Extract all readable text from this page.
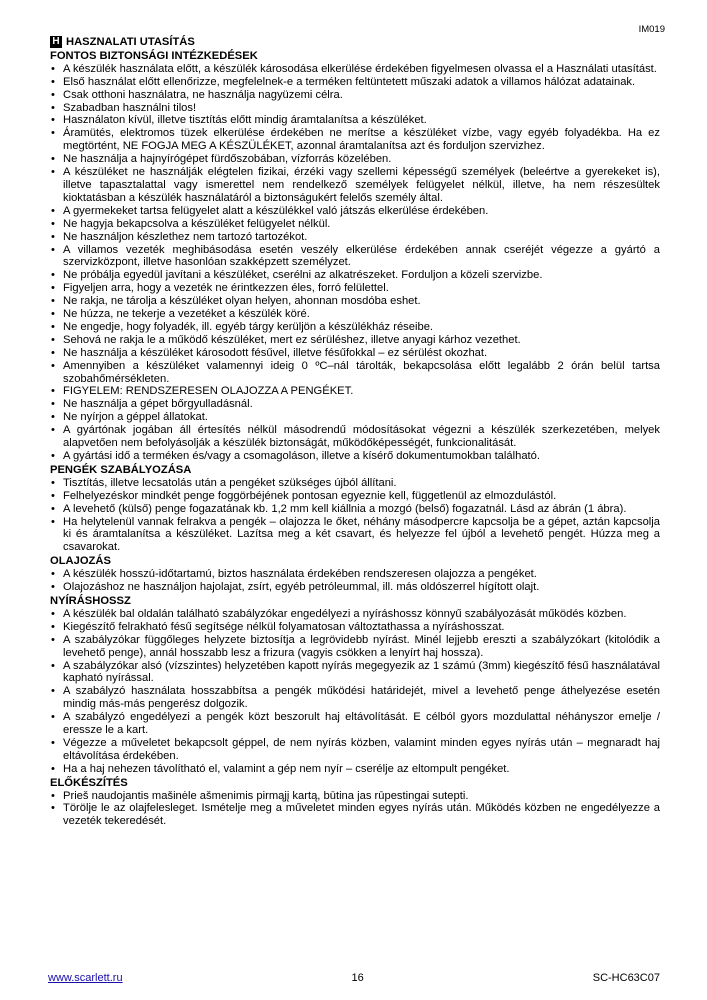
IM019
H HASZNALATI UTASÍTÁS
FONTOS BIZTONSÁGI INTÉZKEDÉSEK
• A készülék használata előtt, a készülék károsodása elkerülése érdekében figyelmesen olvassa el a Használati utasítást.
• Első használat előtt ellenőrizze, megfelelnek-e a terméken feltüntetett műszaki adatok a villamos hálózat adatainak.
• Csak otthoni használatra, ne használja nagyüzemi célra.
• Szabadban használni tilos!
• Használaton kívül, illetve tisztítás előtt mindig áramtalanítsa a készüléket.
• Áramütés, elektromos tüzek elkerülése érdekében ne merítse a készüléket vízbe, vagy egyéb folyadékba. Ha ez megtörtént, NE FOGJA MEG A KÉSZÜLÉKET, azonnal áramtalanítsa azt és forduljon szervizhez.
• Ne használja a hajnyírógépet fürdőszobában, vízforrás közelében.
• A készüléket ne használják elégtelen fizikai, érzéki vagy szellemi képességű személyek (beleértve a gyerekeket is), illetve tapasztalattal vagy ismerettel nem rendelkező személyek felügyelet nélkül, illetve, ha nem részesültek kioktatásban a készülék használatáról a biztonságukért felelős személy által.
• A gyermekeket tartsa felügyelet alatt a készülékkel való játszás elkerülése érdekében.
• Ne hagyja bekapcsolva a készüléket felügyelet nélkül.
• Ne használjon készlethez nem tartozó tartozékot.
• A villamos vezeték meghibásodása esetén veszély elkerülése érdekében annak cseréjét végezze a gyártó a szervizközpont, illetve hasonlóan szakképzett személyzet.
• Ne próbálja egyedül javítani a készüléket, cserélni az alkatrészeket. Forduljon a közeli szervizbe.
• Figyeljen arra, hogy a vezeték ne érintkezzen éles, forró felülettel.
• Ne rakja, ne tárolja a készüléket olyan helyen, ahonnan mosdóba eshet.
• Ne húzza, ne tekerje a vezetéket a készülék köré.
• Ne engedje, hogy folyadék, ill. egyéb tárgy kerüljön a készülékház réseibe.
• Sehová ne rakja le a működő készüléket, mert ez sérüléshez, illetve anyagi kárhoz vezethet.
• Ne használja a készüléket károsodott fésűvel, illetve fésűfokkal – ez sérülést okozhat.
• Amennyiben a készüléket valamennyi ideig 0 ºC–nál tárolták, bekapcsolása előtt legalább 2 órán belül tartsa szobahőmérsékleten.
• FIGYELEM: RENDSZERESEN OLAJOZZA A PENGÉKET.
• Ne használja a gépet bőrgyulladásnál.
• Ne nyírjon a géppel állatokat.
• A gyártónak jogában áll értesítés nélkül másodrendű módosításokat végezni a készülék szerkezetében, melyek alapvetően nem befolyásolják a készülék biztonságát, működőképességét, funkcionalitását.
• A gyártási idő a terméken és/vagy a csomagoláson, illetve a kísérő dokumentumokban található.
PENGÉK SZABÁLYOZÁSA
• Tisztítás, illetve lecsatolás után a pengéket szükséges újból állítani.
• Felhelyezéskor mindkét penge foggörbéjének pontosan egyeznie kell, függetlenül az elmozdulástól.
• A levehető (külső) penge fogazatának kb. 1,2 mm kell kiállnia a mozgó (belső) fogazatnál. Lásd az ábrán (1 ábra).
• Ha helytelenül vannak felrakva a pengék – olajozza le őket, néhány másodpercre kapcsolja be a gépet, aztán kapcsolja ki és áramtalanítsa a készüléket. Lazítsa meg a két csavart, és helyezze fel újból a levehető pengét. Húzza meg a csavarokat.
OLAJOZÁS
• A készülék hosszú-időtartamú, biztos használata érdekében rendszeresen olajozza a pengéket.
• Olajozáshoz ne használjon hajolajat, zsírt, egyéb petróleummal, ill. más oldószerrel hígított olajt.
NYÍRÁSHOSSZ
• A készülék bal oldalán található szabályzókar engedélyezi a nyíráshossz könnyű szabályozását működés közben.
• Kiegészítő felrakható fésű segítsége nélkül folyamatosan változtathassa a nyíráshosszat.
• A szabályzókar függőleges helyzete biztosítja a legrövidebb nyírást. Minél lejjebb ereszti a szabályzókart (kitolódik a levehető penge), annál hosszabb lesz a frizura (vagyis csökken a lenyírt haj hossza).
• A szabályzókar alsó (vízszintes) helyzetében kapott nyírás megegyezik az 1 számú (3mm) kiegészítő fésű használatával kapható nyírással.
• A szabályzó használata hosszabbítsa a pengék működési határidejét, mivel a levehető penge áthelyezése esetén mindig más-más pengerész dolgozik.
• A szabályzó engedélyezi a pengék közt beszorult haj eltávolítását. E célból gyors mozdulattal néhányszor emelje / eressze le a kart.
• Végezze a műveletet bekapcsolt géppel, de nem nyírás közben, valamint minden egyes nyírás után – megnaradt haj eltávolítása érdekében.
• Ha a haj nehezen távolítható el, valamint a gép nem nyír – cserélje az eltompult pengéket.
ELŐKÉSZÍTÉS
• Prieš naudojantis mašinėle ašmenimis pirmąjį kartą, būtina jas rūpestingai sutepti.
• Törölje le az olajfelesleget. Ismételje meg a műveletet minden egyes nyírás után. Működés közben ne engedélyezze a vezeték tekeredését.
www.scarlett.ru	16	SC-HC63C07
